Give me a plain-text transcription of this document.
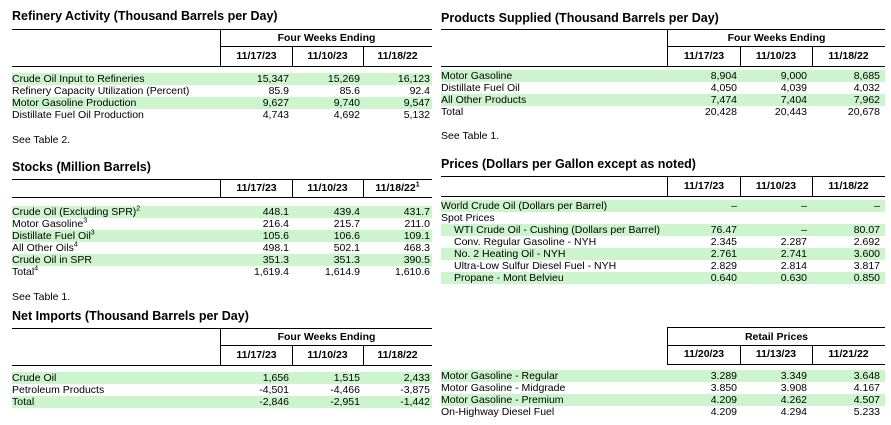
Refinery Activity (Thousand Barrels per Day)
Four Weeks Ending
11/17/23	11/10/23	11/18/22
Crude Oil Input to Refineries	15,347	15,269	16,123
Refinery Capacity Utilization (Percent)	85.9	85.6	92.4
Motor Gasoline Production	9,627	9,740	9,547
Distillate Fuel Oil Production	4,743	4,692	5,132
See Table 2.
Stocks (Million Barrels)
11/17/23	11/10/23	$11/18/22^1$
Crude Oil (Excluding SPR)$^2$	448.1	439.4	431.7
Motor Gasoline$^3$	216.4	215.7	211.0
Distillate Fuel Oil$^3$	105.6	106.6	109.1
All Other Oils$^4$	498.1	502.1	468.3
Crude Oil in SPR	351.3	351.3	390.5
Total$^4$	1,619.4	1,614.9	1,610.6
See Table 1.
Net Imports (Thousand Barrels per Day)
Four Weeks Ending
11/17/23	11/10/23	11/18/22
Crude Oil	1,656	1,515	2,433
Petroleum Products	-4,501	-4,466	-3,875
Total	-2,846	-2,951	-1,442
Products Supplied (Thousand Barrels per Day)
Four Weeks Ending
11/17/23	11/10/23	11/18/22
Motor Gasoline	8,904	9,000	8,685
Distillate Fuel Oil	4,050	4,039	4,032
All Other Products	7,474	7,404	7,962
Total	20,428	20,443	20,678
See Table 1.
Prices (Dollars per Gallon except as noted)
11/17/23	11/10/23	11/18/22
World Crude Oil (Dollars per Barrel)	–	–	–
Spot Prices
WTI Crude Oil - Cushing (Dollars per Barrel)	76.47	–	80.07
Conv. Regular Gasoline - NYH	2.345	2.287	2.692
No. 2 Heating Oil - NYH	2.761	2.741	3.600
Ultra-Low Sulfur Diesel Fuel - NYH	2.829	2.814	3.817
Propane - Mont Belvieu	0.640	0.630	0.850
Retail Prices
11/20/23	11/13/23	11/21/22
Motor Gasoline - Regular	3.289	3.349	3.648
Motor Gasoline - Midgrade	3.850	3.908	4.167
Motor Gasoline - Premium	4.209	4.262	4.507
On-Highway Diesel Fuel	4.209	4.294	5.233
